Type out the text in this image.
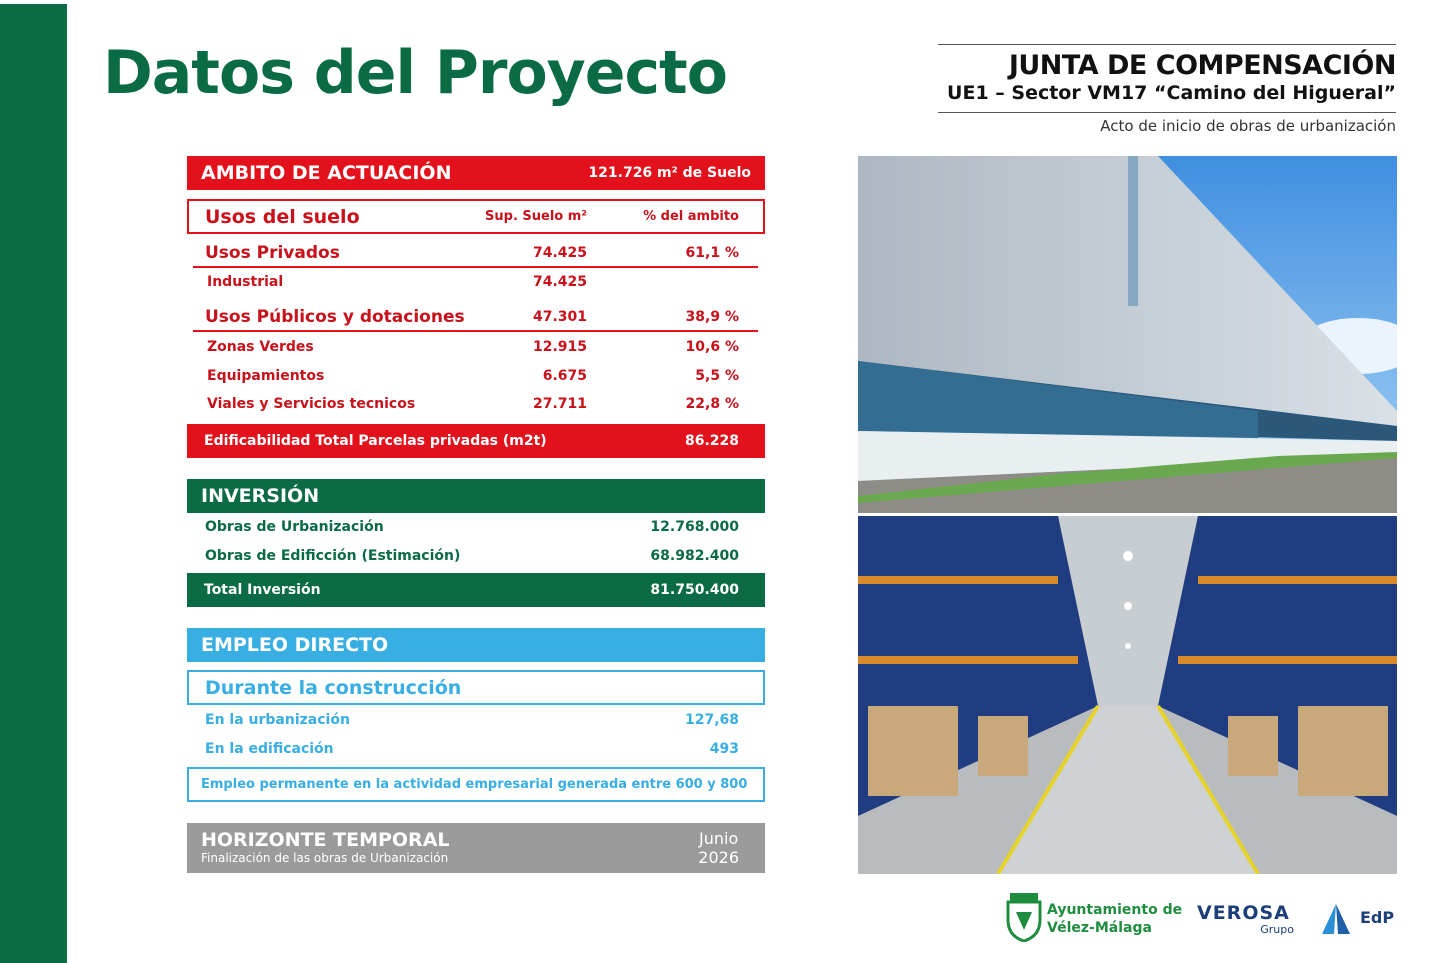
Datos del Proyecto	JUNTA DE COMPENSACIÓN
UE1 – Sector VM17 “Camino del Higueral”
Acto de inicio de obras de urbanización
AMBITO DE ACTUACIÓN	121.726 m² de Suelo
Usos del suelo	Sup. Suelo m²	% del ambito
Usos Privados	74.425	61,1 %
Industrial	74.425
Usos Públicos y dotaciones	47.301	38,9 %
Zonas Verdes	12.915	10,6 %
Equipamientos	6.675	5,5 %
Viales y Servicios tecnicos	27.711	22,8 %
Edificabilidad Total Parcelas privadas (m2t)	86.228
INVERSIÓN
Obras de Urbanización	12.768.000
Obras de Edificción (Estimación)	68.982.400
Total Inversión	81.750.400
EMPLEO DIRECTO
Durante la construcción
En la urbanización	127,68
En la edificación	493
Empleo permanente en la actividad empresarial generada entre 600 y 800
HORIZONTE TEMPORAL
Finalización de las obras de Urbanización
Junio
2026
Ayuntamiento de
Vélez-Málaga
VEROSA
Grupo
EdP
